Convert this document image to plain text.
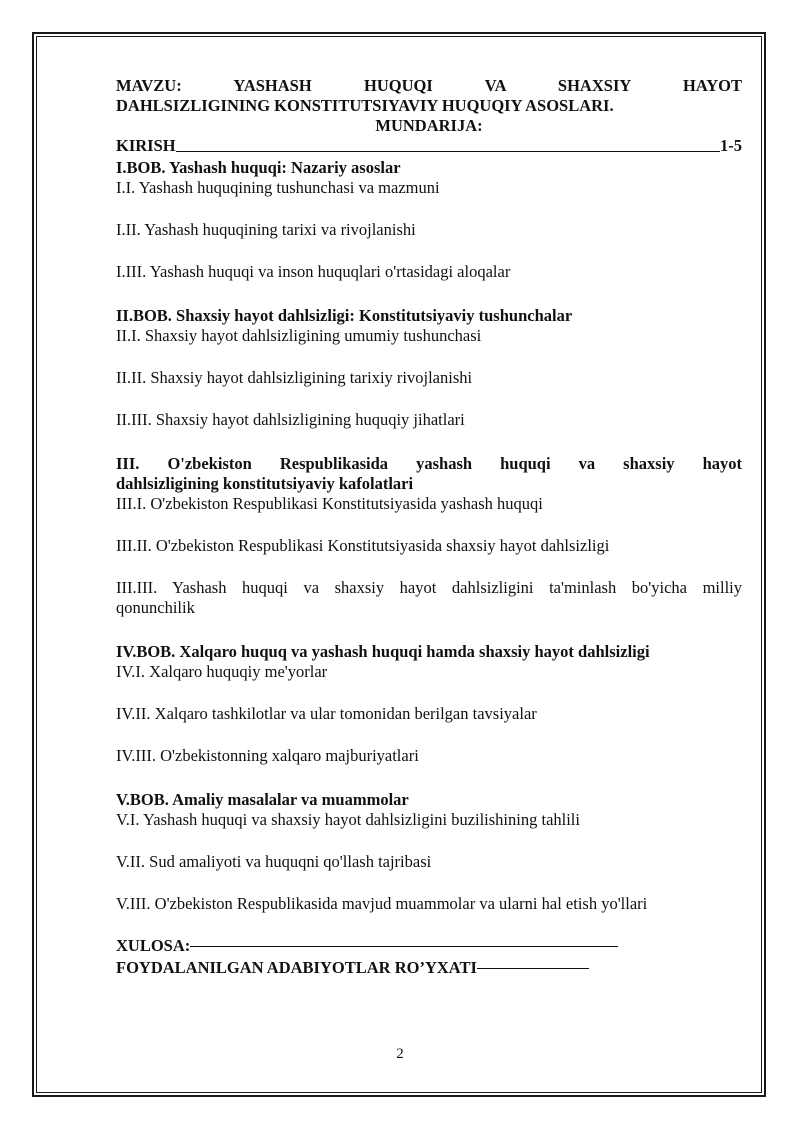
MAVZU: YASHASH HUQUQI VA SHAXSIY HAYOT
DAHLSIZLIGINING KONSTITUTSIYAVIY HUQUQIY ASOSLARI.
MUNDARIJA:
KIRISH	1-5
I.BOB. Yashash huquqi: Nazariy asoslar
I.I. Yashash huquqining tushunchasi va mazmuni
I.II. Yashash huquqining tarixi va rivojlanishi
I.III. Yashash huquqi va inson huquqlari o'rtasidagi aloqalar
II.BOB. Shaxsiy hayot dahlsizligi: Konstitutsiyaviy tushunchalar
II.I. Shaxsiy hayot dahlsizligining umumiy tushunchasi
II.II. Shaxsiy hayot dahlsizligining tarixiy rivojlanishi
II.III. Shaxsiy hayot dahlsizligining huquqiy jihatlari
III. O'zbekiston Respublikasida yashash huquqi va shaxsiy hayot
dahlsizligining konstitutsiyaviy kafolatlari
III.I. O'zbekiston Respublikasi Konstitutsiyasida yashash huquqi
III.II. O'zbekiston Respublikasi Konstitutsiyasida shaxsiy hayot dahlsizligi
III.III. Yashash huquqi va shaxsiy hayot dahlsizligini ta'minlash bo'yicha milliy
qonunchilik
IV.BOB. Xalqaro huquq va yashash huquqi hamda shaxsiy hayot dahlsizligi
IV.I. Xalqaro huquqiy me'yorlar
IV.II. Xalqaro tashkilotlar va ular tomonidan berilgan tavsiyalar
IV.III. O'zbekistonning xalqaro majburiyatlari
V.BOB. Amaliy masalalar va muammolar
V.I. Yashash huquqi va shaxsiy hayot dahlsizligini buzilishining tahlili
V.II. Sud amaliyoti va huquqni qo'llash tajribasi
V.III. O'zbekiston Respublikasida mavjud muammolar va ularni hal etish yo'llari
XULOSA:
FOYDALANILGAN ADABIYOTLAR RO’YXATI
2
